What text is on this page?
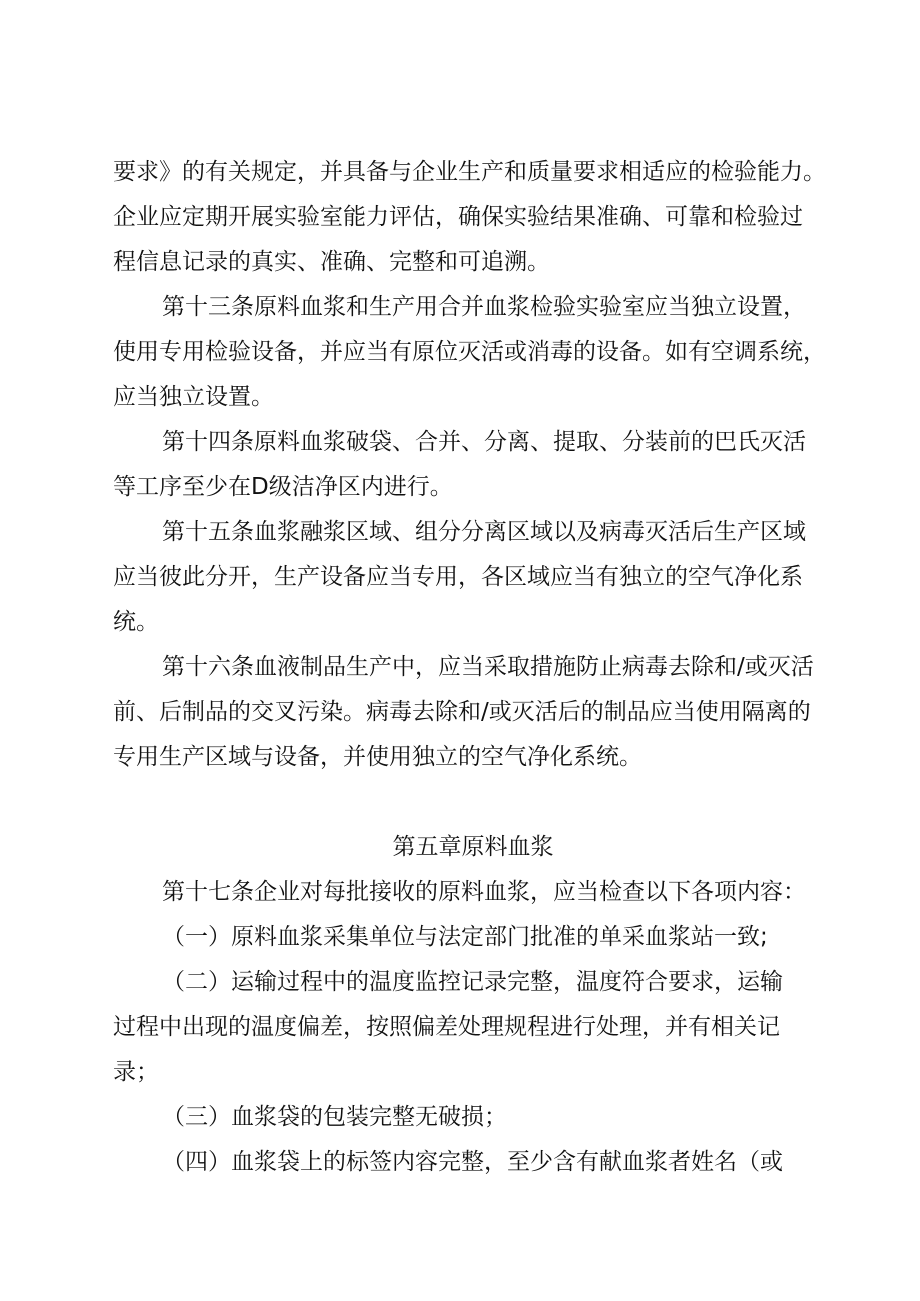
要求》的有关规定，并具备与企业生产和质量要求相适应的检验能力。

企业应定期开展实验室能力评估，确保实验结果准确、可靠和检验过

程信息记录的真实、准确、完整和可追溯。

第十三条原料血浆和生产用合并血浆检验实验室应当独立设置，

使用专用检验设备，并应当有原位灭活或消毒的设备。如有空调系统，

应当独立设置。

第十四条原料血浆破袋、合并、分离、提取、分装前的巴氏灭活

等工序至少在D级洁净区内进行。

第十五条血浆融浆区域、组分分离区域以及病毒灭活后生产区域

应当彼此分开，生产设备应当专用，各区域应当有独立的空气净化系

统。

第十六条血液制品生产中，应当采取措施防止病毒去除和/或灭活

前、后制品的交叉污染。病毒去除和/或灭活后的制品应当使用隔离的

专用生产区域与设备，并使用独立的空气净化系统。

第五章原料血浆

第十七条企业对每批接收的原料血浆，应当检查以下各项内容：

（一）原料血浆采集单位与法定部门批准的单采血浆站一致;

（二）运输过程中的温度监控记录完整，温度符合要求，运输

过程中出现的温度偏差，按照偏差处理规程进行处理，并有相关记

录；

（三）血浆袋的包装完整无破损；

（四）血浆袋上的标签内容完整，至少含有献血浆者姓名（或
